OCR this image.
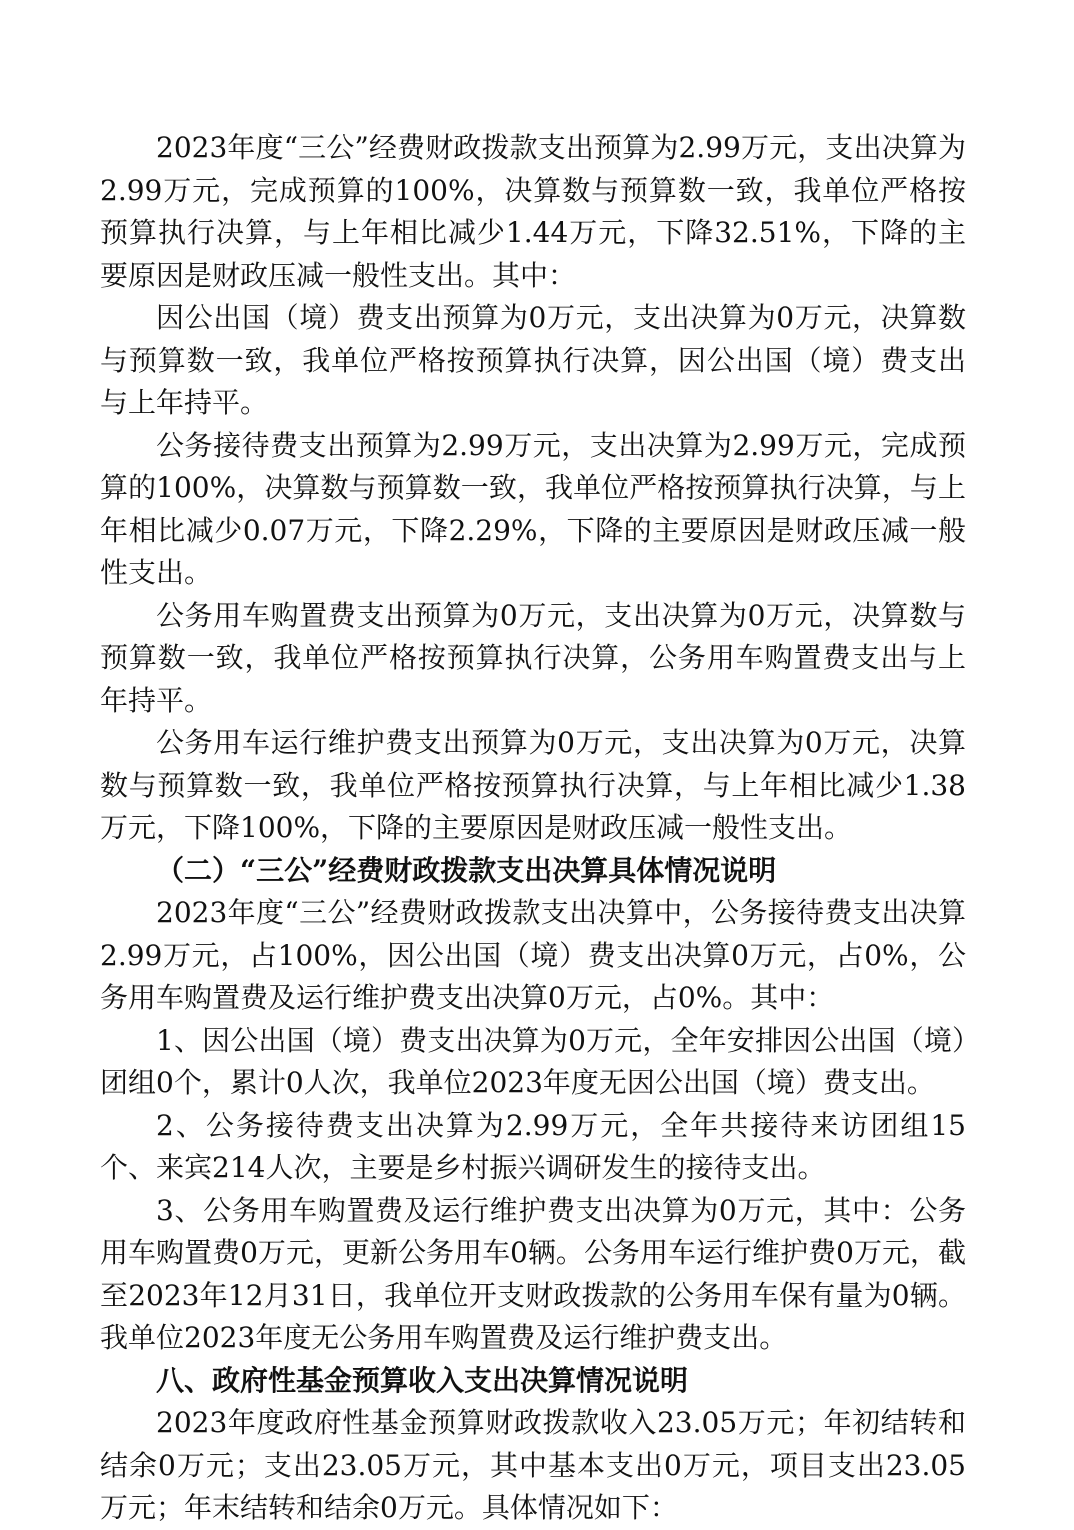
2023年度“三公”经费财政拨款支出预算为2.99万元，支出决算为2.99万元，完成预算的100%，决算数与预算数一致，我单位严格按预算执行决算，与上年相比减少1.44万元，下降32.51%，下降的主要原因是财政压减一般性支出。其中：

因公出国（境）费支出预算为0万元，支出决算为0万元，决算数与预算数一致，我单位严格按预算执行决算，因公出国（境）费支出与上年持平。

公务接待费支出预算为2.99万元，支出决算为2.99万元，完成预算的100%，决算数与预算数一致，我单位严格按预算执行决算，与上年相比减少0.07万元，下降2.29%，下降的主要原因是财政压减一般性支出。

公务用车购置费支出预算为0万元，支出决算为0万元，决算数与预算数一致，我单位严格按预算执行决算，公务用车购置费支出与上年持平。

公务用车运行维护费支出预算为0万元，支出决算为0万元，决算数与预算数一致，我单位严格按预算执行决算，与上年相比减少1.38万元，下降100%，下降的主要原因是财政压减一般性支出。

（二）“三公”经费财政拨款支出决算具体情况说明

2023年度“三公”经费财政拨款支出决算中，公务接待费支出决算2.99万元，占100%，因公出国（境）费支出决算0万元，占0%，公务用车购置费及运行维护费支出决算0万元，占0%。其中：

1、因公出国（境）费支出决算为0万元，全年安排因公出国（境）团组0个，累计0人次，我单位2023年度无因公出国（境）费支出。

2、公务接待费支出决算为2.99万元，全年共接待来访团组15个、来宾214人次，主要是乡村振兴调研发生的接待支出。

3、公务用车购置费及运行维护费支出决算为0万元，其中：公务用车购置费0万元，更新公务用车0辆。公务用车运行维护费0万元，截至2023年12月31日，我单位开支财政拨款的公务用车保有量为0辆。我单位2023年度无公务用车购置费及运行维护费支出。

八、政府性基金预算收入支出决算情况说明

2023年度政府性基金预算财政拨款收入23.05万元；年初结转和结余0万元；支出23.05万元，其中基本支出0万元，项目支出23.05万元；年末结转和结余0万元。具体情况如下：
